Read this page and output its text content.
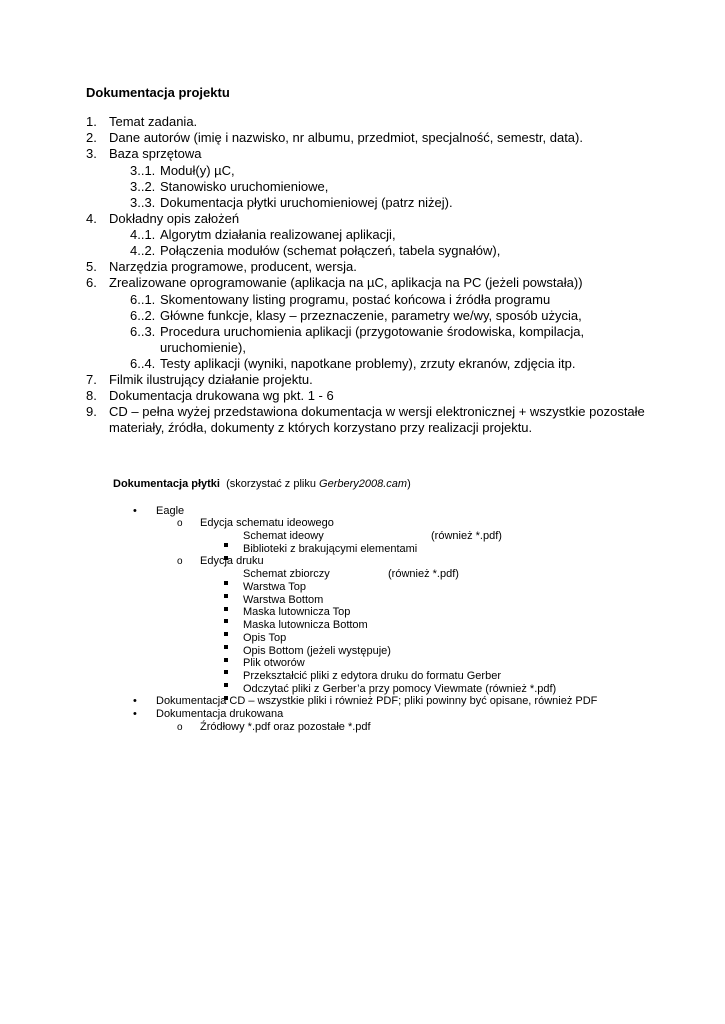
Dokumentacja projektu
1. Temat zadania.
2. Dane autorów (imię i nazwisko, nr albumu, przedmiot, specjalność, semestr, data).
3. Baza sprzętowa
3..1. Moduł(y) µC,
3..2. Stanowisko uruchomieniowe,
3..3. Dokumentacja płytki uruchomieniowej (patrz niżej).
4. Dokładny opis założeń
4..1. Algorytm działania realizowanej aplikacji,
4..2. Połączenia modułów (schemat połączeń, tabela sygnałów),
5. Narzędzia programowe, producent, wersja.
6. Zrealizowane oprogramowanie (aplikacja na µC, aplikacja na PC (jeżeli powstała))
6..1. Skomentowany listing programu, postać końcowa i źródła programu
6..2. Główne funkcje, klasy – przeznaczenie, parametry we/wy, sposób użycia,
6..3. Procedura uruchomienia aplikacji (przygotowanie środowiska, kompilacja,
uruchomienie),
6..4. Testy aplikacji (wyniki, napotkane problemy), zrzuty ekranów, zdjęcia itp.
7. Filmik ilustrujący działanie projektu.
8. Dokumentacja drukowana wg pkt. 1 - 6
9. CD – pełna wyżej przedstawiona dokumentacja w wersji elektronicznej + wszystkie pozostałe
materiały, źródła, dokumenty z których korzystano przy realizacji projektu.
Dokumentacja płytki (skorzystać z pliku Gerbery2008.cam)
• Eagle
o Edycja schematu ideowego
Schemat ideowy	(również *.pdf)
Biblioteki z brakującymi elementami
o Edycja druku
Schemat zbiorczy	(również *.pdf)
Warstwa Top
Warstwa Bottom
Maska lutownicza Top
Maska lutownicza Bottom
Opis Top
Opis Bottom (jeżeli występuje)
Plik otworów
Przekształcić pliki z edytora druku do formatu Gerber
Odczytać pliki z Gerber’a przy pomocy Viewmate (również *.pdf)
• Dokumentacja CD – wszystkie pliki i również PDF; pliki powinny być opisane, również PDF
• Dokumentacja drukowana
o Źródłowy *.pdf oraz pozostałe *.pdf
